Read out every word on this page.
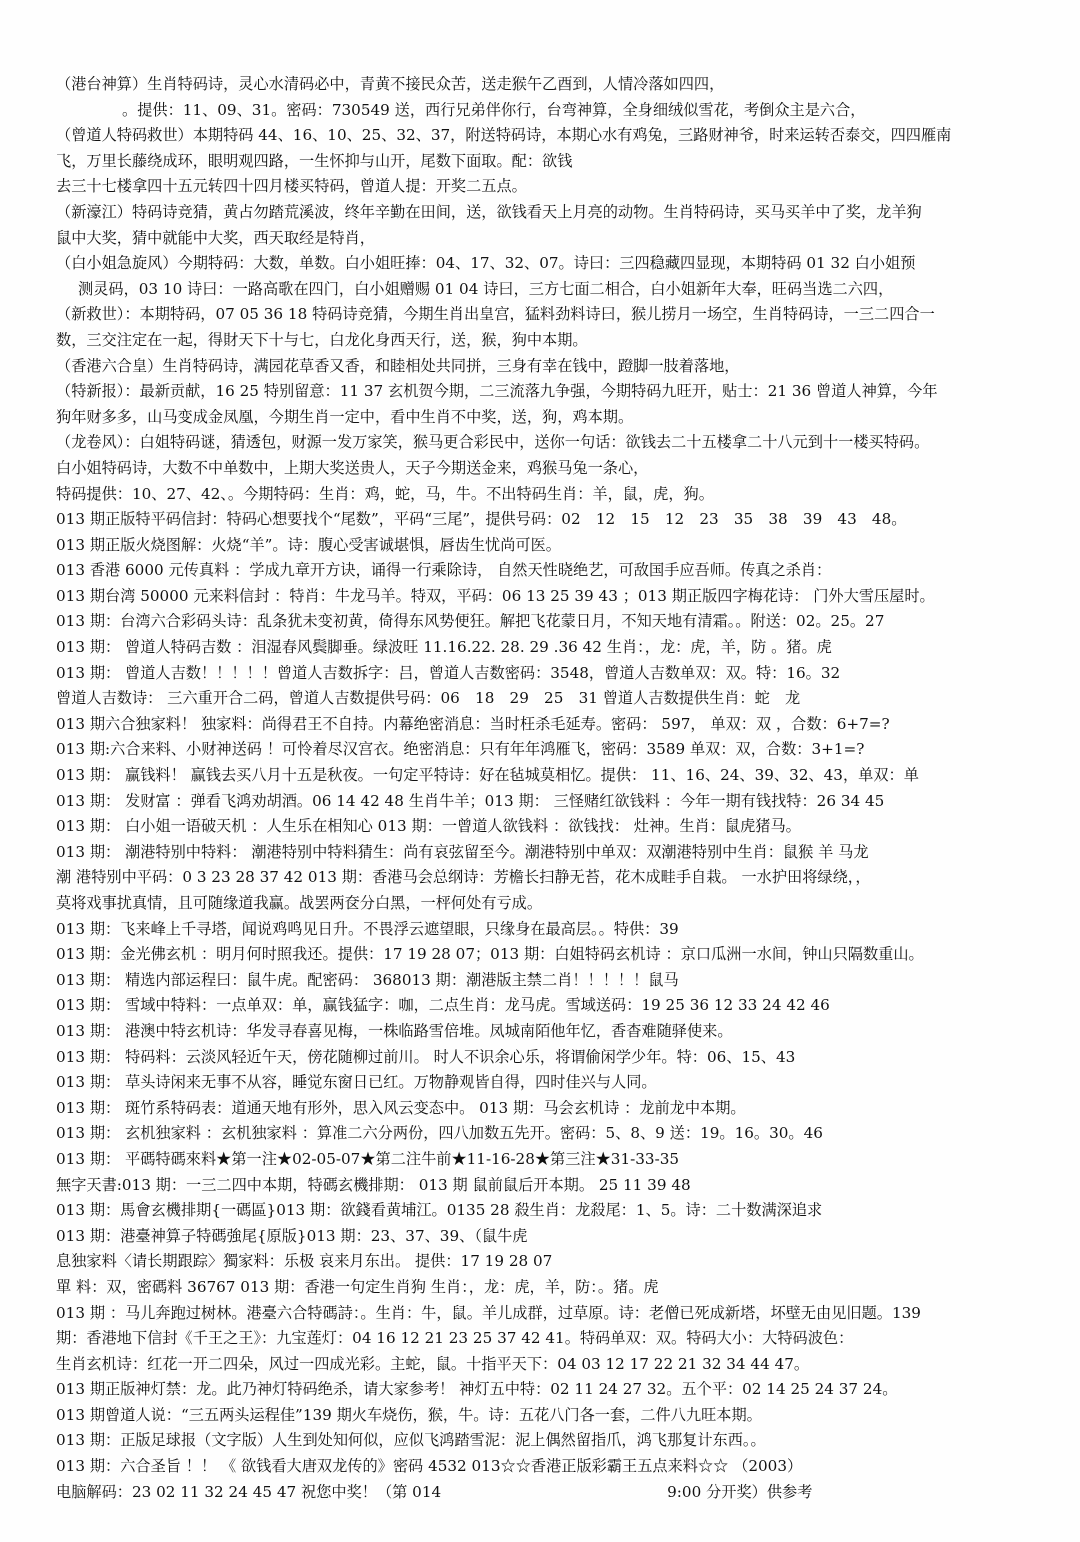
（港台神算）生肖特码诗，灵心水清码必中，青黄不接民众苦，送走猴午乙酉到，人情冷落如四四，
。提供：11、09、31。密码：730549 送，西行兄弟伴你行，台弯神算，全身细绒似雪花，考倒众主是六合，
（曾道人特码救世）本期特码 44、16、10、25、32、37，附送特码诗，本期心水有鸡兔，三路财神爷，时来运转否泰交，四四雁南
飞，万里长藤绕成环，眼明观四路，一生怀抑与山开，尾数下面取。配：欲钱
去三十七楼拿四十五元转四十四月楼买特码，曾道人提：开奖二五点。
（新濠江）特码诗竞猜，黄占勿踏荒溪波，终年辛勤在田间，送，欲钱看天上月亮的动物。生肖特码诗，买马买羊中了奖，龙羊狗
鼠中大奖，猜中就能中大奖，西天取经是特肖，
（白小姐急旋风）今期特码：大数，单数。白小姐旺捧：04、17、32、07。诗曰：三四稳藏四显现，本期特码 01 32 白小姐预
测灵码，03 10 诗曰：一路高歌在四门，白小姐赠赐 01 04 诗曰，三方七面二相合，白小姐新年大奉，旺码当选二六四，
（新救世）：本期特码，07 05 36 18 特码诗竞猜，今期生肖出皇宫，猛料劲料诗曰，猴儿捞月一场空，生肖特码诗，一三二四合一
数，三交注定在一起，得財天下十与七，白龙化身西天行，送，猴，狗中本期。
（香港六合皇）生肖特码诗，满园花草香又香，和睦相处共同拼，三身有幸在钱中，蹬脚一肢着落地，
（特新报）：最新贡献，16 25 特别留意：11 37 玄机贺今期，二三流落九争强，今期特码九旺开，贴士：21 36 曾道人神算，今年
狗年财多多，山马变成金凤凰，今期生肖一定中，看中生肖不中奖，送，狗，鸡本期。
（龙卷风）：白姐特码谜，猜透包，财源一发万家笑，猴马更合彩民中，送你一句话：欲钱去二十五楼拿二十八元到十一楼买特码。
白小姐特码诗，大数不中单数中，上期大奖送贵人，天子今期送金来，鸡猴马兔一条心，
特码提供：10、27、42、。今期特码：生肖：鸡，蛇，马，牛。不出特码生肖：羊，鼠，虎，狗。
013 期正版特平码信封：特码心想要找个“尾数”，平码“三尾”，提供号码：02　12　15　12　23　35　38　39　43　48。
013 期正版火烧图解：火烧“羊”。诗：腹心受害诚堪惧，唇齿生忧尚可医。
013 香港 6000 元传真料 ：学成九章开方诀，诵得一行乘除诗， 自然天性晓绝艺，可敌国手应吾师。传真之杀肖：
013 期台湾 50000 元来料信封 ：特肖：牛龙马羊。特双，平码：06 13 25 39 43 ；013 期正版四字梅花诗： 门外大雪压屋时。
013 期：台湾六合彩码头诗：乱条犹未变初黄，倚得东风势便狂。解把飞花蒙日月，不知天地有清霜。。附送：02。25。27
013 期： 曾道人特码吉数 ：泪湿春风鬓脚垂。绿波旺 11.16.22. 28. 29 .36 42 生肖：，龙：虎，羊，防 。猪。虎
013 期： 曾道人吉数！！！！！曾道人吉数拆字：吕，曾道人吉数密码：3548，曾道人吉数单双：双。特：16。32
曾道人吉数诗： 三六重开合二码，曾道人吉数提供号码：06　18　29　25　31 曾道人吉数提供生肖：蛇　龙
013 期六合独家料！ 独家料：尚得君王不自持。内幕绝密消息：当时枉杀毛延寿。密码： 597， 单双：双 ，合数：6+7=?
013 期:六合来料、小财神送码 ！可怜着尽汉宫衣。绝密消息：只有年年鸿雁飞，密码：3589 单双：双，合数：3+1=?
013 期： 赢钱料！ 赢钱去买八月十五是秋夜。一句定平特诗：好在毡城莫相忆。提供： 11、16、24、39、32、43，单双：单
013 期： 发财富 ：弹看飞鸿劝胡酒。06 14 42 48 生肖牛羊；013 期： 三怪赌红欲钱料 ：今年一期有钱找特：26 34 45
013 期： 白小姐一语破天机 ：人生乐在相知心 013 期：一曾道人欲钱料 ：欲钱找： 灶神。生肖：鼠虎猪马。
013 期： 潮港特别中特料： 潮港特别中特料猜生：尚有哀弦留至今。潮港特别中单双：双潮港特别中生肖：鼠猴 羊 马龙
潮 港特别中平码：0 3 23 28 37 42 013 期：香港马会总纲诗：芳檐长扫静无苔，花木成畦手自栽。 一水护田将绿绕，，
莫将戏事扰真情，且可随缘道我赢。战罢两奁分白黑，一枰何处有亏成。
013 期：飞来峰上千寻塔，闻说鸡鸣见日升。不畏浮云遮望眼，只缘身在最高层。。特供：39
013 期：金光佛玄机 ：明月何时照我还。提供：17 19 28 07；013 期：白姐特码玄机诗 ：京口瓜洲一水间，钟山只隔数重山。
013 期： 精选内部运程曰：鼠牛虎。配密码： 368013 期：潮港版主禁二肖！！！！！鼠马
013 期： 雪域中特料：一点单双：单，赢钱猛字：咖，二点生肖：龙马虎。雪域送码：19 25 36 12 33 24 42 46
013 期： 港澳中特玄机诗：华发寻春喜见梅，一株临路雪倍堆。凤城南陌他年忆，香杳难随驿使来。
013 期： 特码料：云淡风轻近午天，傍花随柳过前川。 时人不识余心乐，将谓偷闲学少年。特：06、15、43
013 期： 草头诗闲来无事不从容，睡觉东窗日已红。万物静观皆自得，四时佳兴与人同。
013 期： 斑竹系特码表：道通天地有形外，思入风云变态中。 013 期：马会玄机诗 ：龙前龙中本期。
013 期： 玄机独家料 ：玄机独家料 ：算准二六分两份，四八加数五先开。密码：5、8、9 送：19。16。30。46
013 期： 平碼特碼來料★第一注★02-05-07★第二注牛前★11-16-28★第三注★31-33-35
無字天書:013 期：一三二四中本期，特碼玄機排期： 013 期 鼠前鼠后开本期。 25 11 39 48
013 期：馬會玄機排期{一碼區}013 期：欲錢看黄埔江。0135 28 殺生肖：龙殺尾：1、5。诗：二十数满深追求
013 期：港臺神算子特碼強尾{原版}013 期：23、37、39、（鼠牛虎
息独家料〈请长期跟踪〉獨家料：乐极 哀来月东出。 提供：17 19 28 07
單 料：双，密碼料 36767 013 期：香港一句定生肖狗 生肖：，龙：虎，羊，防：。猪。虎
013 期 ：马儿奔跑过树林。港臺六合特碼詩：。生肖：牛，鼠。羊儿成群，过草原。诗：老僧已死成新塔，坏壁无由见旧题。139
期：香港地下信封《千王之王》：九宝莲灯：04 16 12 21 23 25 37 42 41。特码单双：双。特码大小：大特码波色：
生肖玄机诗：红花一开二四朵，风过一四成光彩。主蛇，鼠。十指平天下：04 03 12 17 22 21 32 34 44 47。
013 期正版神灯禁：龙。此乃神灯特码绝杀，请大家参考！ 神灯五中特：02 11 24 27 32。五个平：02 14 25 24 37 24。
013 期曾道人说：“三五两头运程佳”139 期火车烧伤，猴，牛。诗：五花八门各一套，二件八九旺本期。
013 期：正版足球报（文字版）人生到处知何似，应似飞鸿踏雪泥：泥上偶然留指爪，鸿飞那复计东西。。
013 期：六合圣旨 ！！ 《 欲钱看大唐双龙传的》密码 4532 013☆☆香港正版彩霸王五点来料☆☆ （2003）
电脑解码：23 02 11 32 24 45 47 祝您中奖！（第 014	9:00 分开奖）供参考
